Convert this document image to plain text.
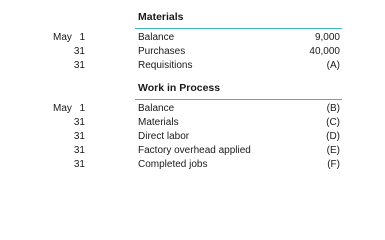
Materials
May 1	Balance	9,000
31	Purchases	40,000
31	Requisitions	(A)
Work in Process
May 1	Balance	(B)
31	Materials	(C)
31	Direct labor	(D)
31	Factory overhead applied	(E)
31	Completed jobs	(F)
